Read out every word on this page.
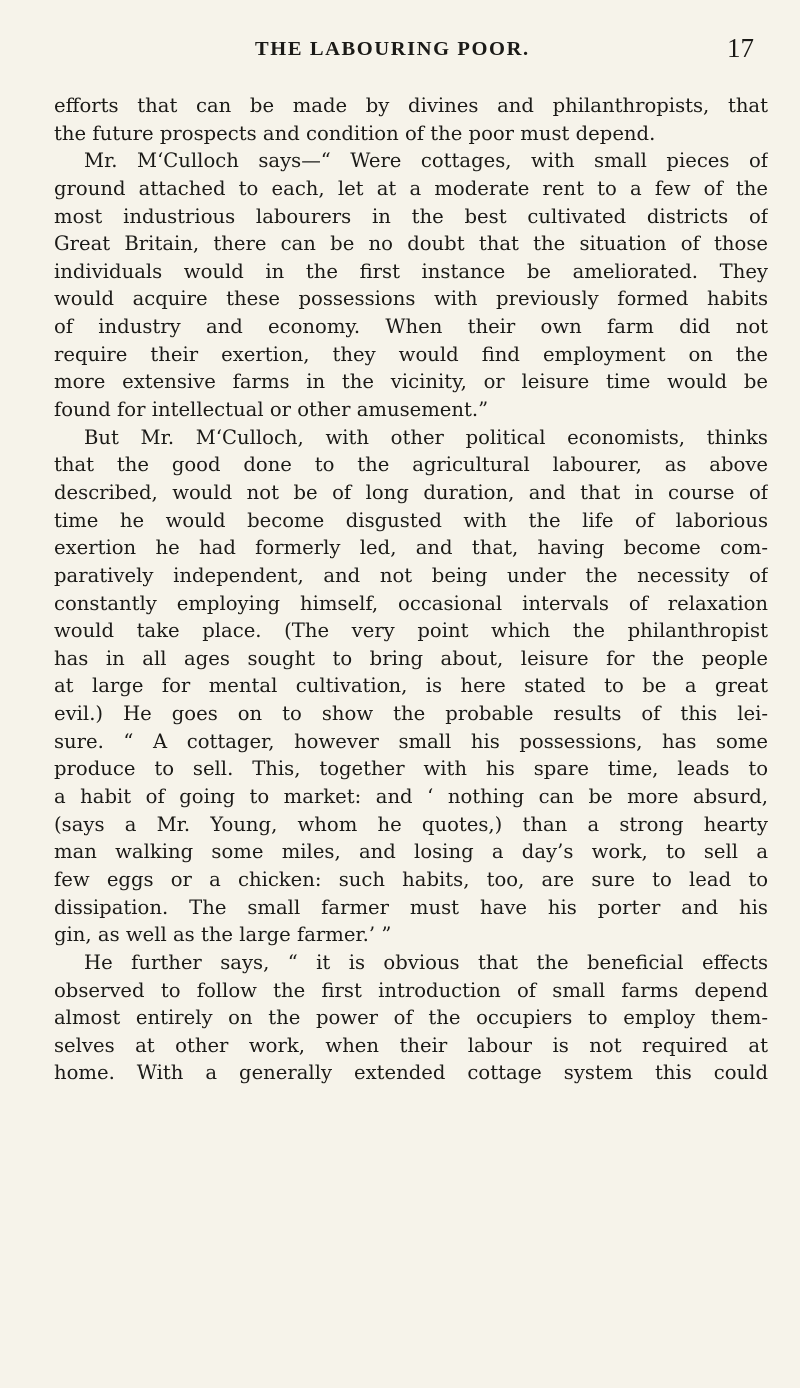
THE LABOURING POOR.	17
efforts that can be made by divines and philanthropists, that
the future prospects and condition of the poor must depend.
Mr. M‘Culloch says—“ Were cottages, with small pieces of
ground attached to each, let at a moderate rent to a few of the
most industrious labourers in the best cultivated districts of
Great Britain, there can be no doubt that the situation of those
individuals would in the first instance be ameliorated. They
would acquire these possessions with previously formed habits
of industry and economy. When their own farm did not
require their exertion, they would find employment on the
more extensive farms in the vicinity, or leisure time would be
found for intellectual or other amusement.”
But Mr. M‘Culloch, with other political economists, thinks
that the good done to the agricultural labourer, as above
described, would not be of long duration, and that in course of
time he would become disgusted with the life of laborious
exertion he had formerly led, and that, having become com-
paratively independent, and not being under the necessity of
constantly employing himself, occasional intervals of relaxation
would take place. (The very point which the philanthropist
has in all ages sought to bring about, leisure for the people
at large for mental cultivation, is here stated to be a great
evil.) He goes on to show the probable results of this lei-
sure. “ A cottager, however small his possessions, has some
produce to sell. This, together with his spare time, leads to
a habit of going to market: and ‘ nothing can be more absurd,
(says a Mr. Young, whom he quotes,) than a strong hearty
man walking some miles, and losing a day’s work, to sell a
few eggs or a chicken: such habits, too, are sure to lead to
dissipation. The small farmer must have his porter and his
gin, as well as the large farmer.’ ”
He further says, “ it is obvious that the beneficial effects
observed to follow the first introduction of small farms depend
almost entirely on the power of the occupiers to employ them-
selves at other work, when their labour is not required at
home. With a generally extended cottage system this could
